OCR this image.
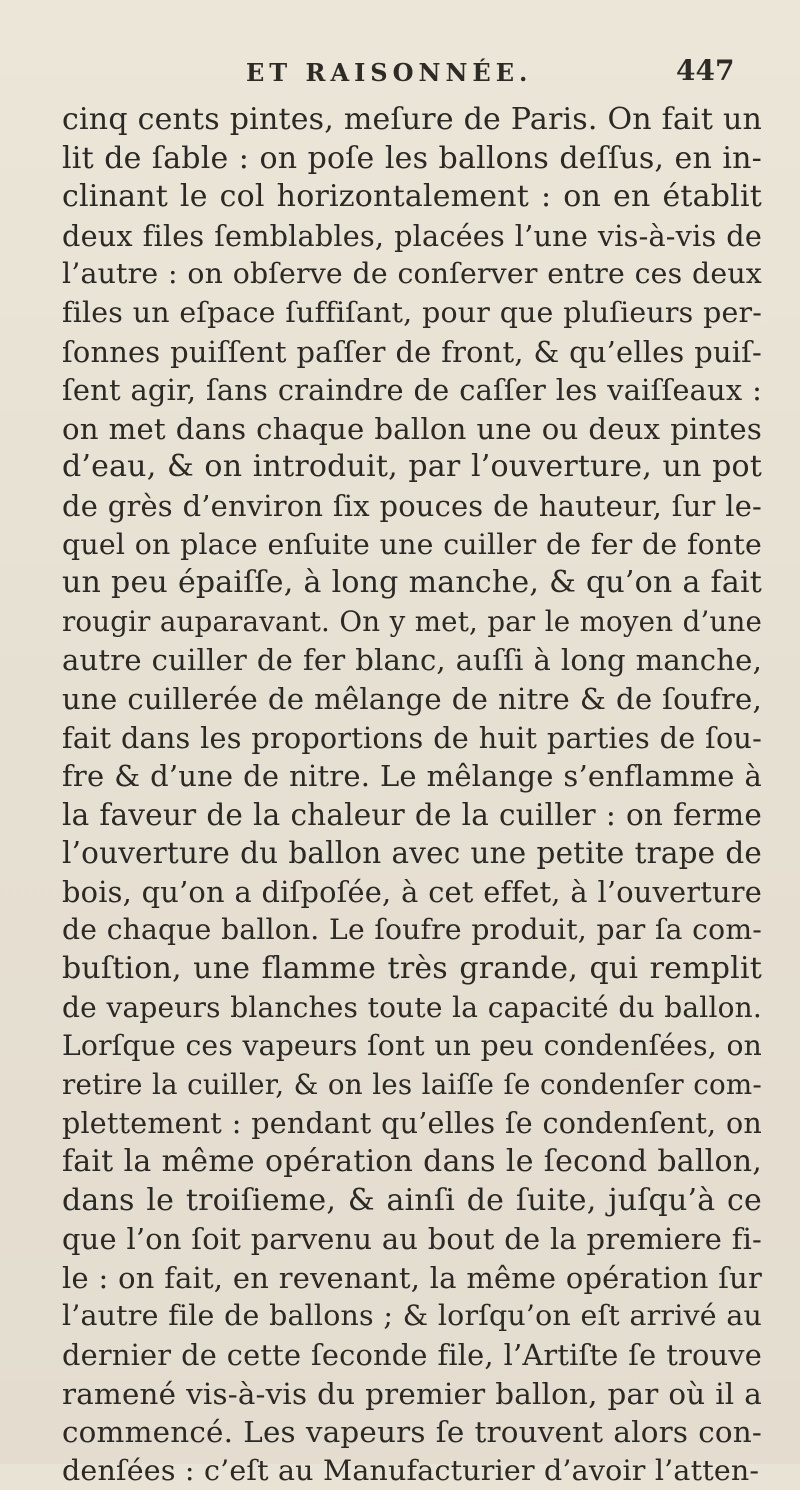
ET RAISONNÉE.	447
cinq cents pintes, meſure de Paris. On fait un
lit de ſable : on poſe les ballons deſſus, en in-
clinant le col horizontalement : on en établit
deux files ſemblables, placées l’une vis-à-vis de
l’autre : on obſerve de conſerver entre ces deux
files un eſpace ſuffiſant, pour que pluſieurs per-
ſonnes puiſſent paſſer de front, & qu’elles puiſ-
ſent agir, ſans craindre de caſſer les vaiſſeaux :
on met dans chaque ballon une ou deux pintes
d’eau, & on introduit, par l’ouverture, un pot
de grès d’environ ſix pouces de hauteur, ſur le-
quel on place enſuite une cuiller de fer de fonte
un peu épaiſſe, à long manche, & qu’on a fait
rougir auparavant. On y met, par le moyen d’une
autre cuiller de fer blanc, auſſi à long manche,
une cuillerée de mêlange de nitre & de ſoufre,
fait dans les proportions de huit parties de ſou-
fre & d’une de nitre. Le mêlange s’enflamme à
la faveur de la chaleur de la cuiller : on ferme
l’ouverture du ballon avec une petite trape de
bois, qu’on a diſpoſée, à cet effet, à l’ouverture
de chaque ballon. Le ſoufre produit, par ſa com-
buſtion, une flamme très grande, qui remplit
de vapeurs blanches toute la capacité du ballon.
Lorſque ces vapeurs ſont un peu condenſées, on
retire la cuiller, & on les laiſſe ſe condenſer com-
plettement : pendant qu’elles ſe condenſent, on
fait la même opération dans le ſecond ballon,
dans le troiſieme, & ainſi de ſuite, juſqu’à ce
que l’on ſoit parvenu au bout de la premiere fi-
le : on fait, en revenant, la même opération ſur
l’autre file de ballons ; & lorſqu’on eſt arrivé au
dernier de cette ſeconde file, l’Artiſte ſe trouve
ramené vis-à-vis du premier ballon, par où il a
commencé. Les vapeurs ſe trouvent alors con-
denſées : c’eſt au Manufacturier d’avoir l’atten-
